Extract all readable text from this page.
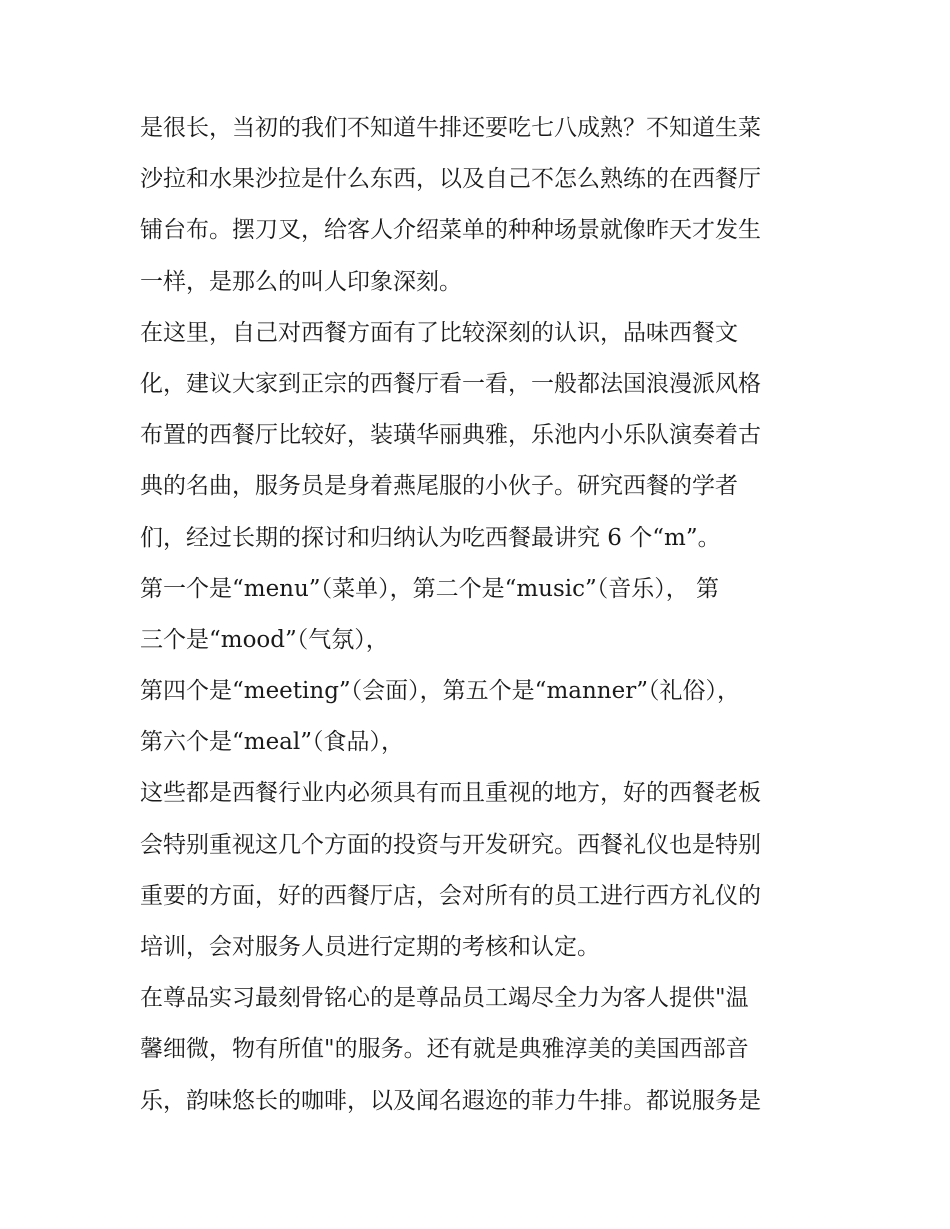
是很长，当初的我们不知道牛排还要吃七八成熟？不知道生菜
沙拉和水果沙拉是什么东西，以及自己不怎么熟练的在西餐厅
铺台布。摆刀叉，给客人介绍菜单的种种场景就像昨天才发生
一样，是那么的叫人印象深刻。
在这里，自己对西餐方面有了比较深刻的认识，品味西餐文
化，建议大家到正宗的西餐厅看一看，一般都法国浪漫派风格
布置的西餐厅比较好，装璜华丽典雅，乐池内小乐队演奏着古
典的名曲，服务员是身着燕尾服的小伙子。研究西餐的学者
们，经过长期的探讨和归纳认为吃西餐最讲究 6 个“m”。
第一个是“menu”（菜单），第二个是“music”（音乐）， 第
三个是“mood”（气氛），
第四个是“meeting”（会面），第五个是“manner”（礼俗），
第六个是“meal”（食品），
这些都是西餐行业内必须具有而且重视的地方，好的西餐老板
会特别重视这几个方面的投资与开发研究。西餐礼仪也是特别
重要的方面，好的西餐厅店，会对所有的员工进行西方礼仪的
培训，会对服务人员进行定期的考核和认定。
在尊品实习最刻骨铭心的是尊品员工竭尽全力为客人提供"温
馨细微，物有所值"的服务。还有就是典雅淳美的美国西部音
乐，韵味悠长的咖啡，以及闻名遐迩的菲力牛排。都说服务是
